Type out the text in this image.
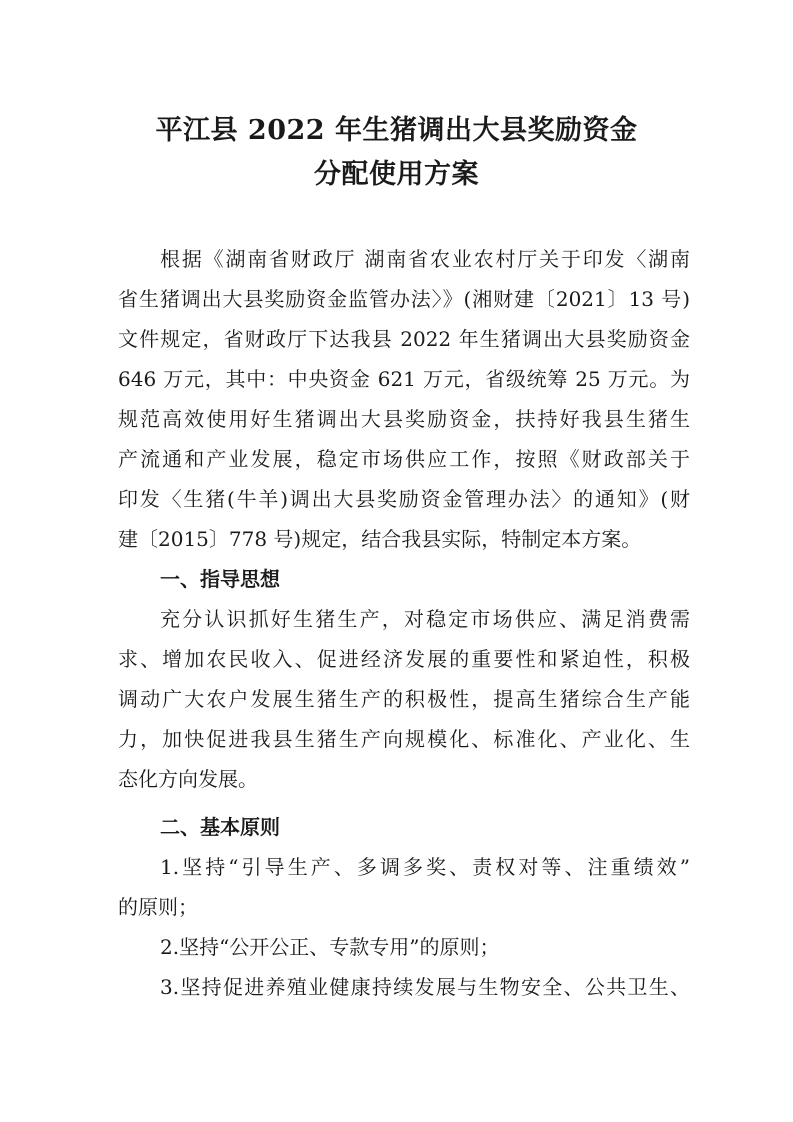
平江县 2022 年生猪调出大县奖励资金
分配使用方案

根据《湖南省财政厅 湖南省农业农村厅关于印发〈湖南

省生猪调出大县奖励资金监管办法〉》(湘财建〔2021〕13 号)

文件规定，省财政厅下达我县 2022 年生猪调出大县奖励资金

646 万元，其中：中央资金 621 万元，省级统筹 25 万元。为

规范高效使用好生猪调出大县奖励资金，扶持好我县生猪生

产流通和产业发展，稳定市场供应工作，按照《财政部关于

印发〈生猪(牛羊)调出大县奖励资金管理办法〉的通知》(财

建〔2015〕778 号)规定，结合我县实际，特制定本方案。

一、指导思想

充分认识抓好生猪生产，对稳定市场供应、满足消费需

求、增加农民收入、促进经济发展的重要性和紧迫性，积极

调动广大农户发展生猪生产的积极性，提高生猪综合生产能

力，加快促进我县生猪生产向规模化、标准化、产业化、生

态化方向发展。

二、基本原则

1.坚持“引导生产、多调多奖、责权对等、注重绩效”

的原则；

2.坚持“公开公正、专款专用”的原则；

3.坚持促进养殖业健康持续发展与生物安全、公共卫生、
